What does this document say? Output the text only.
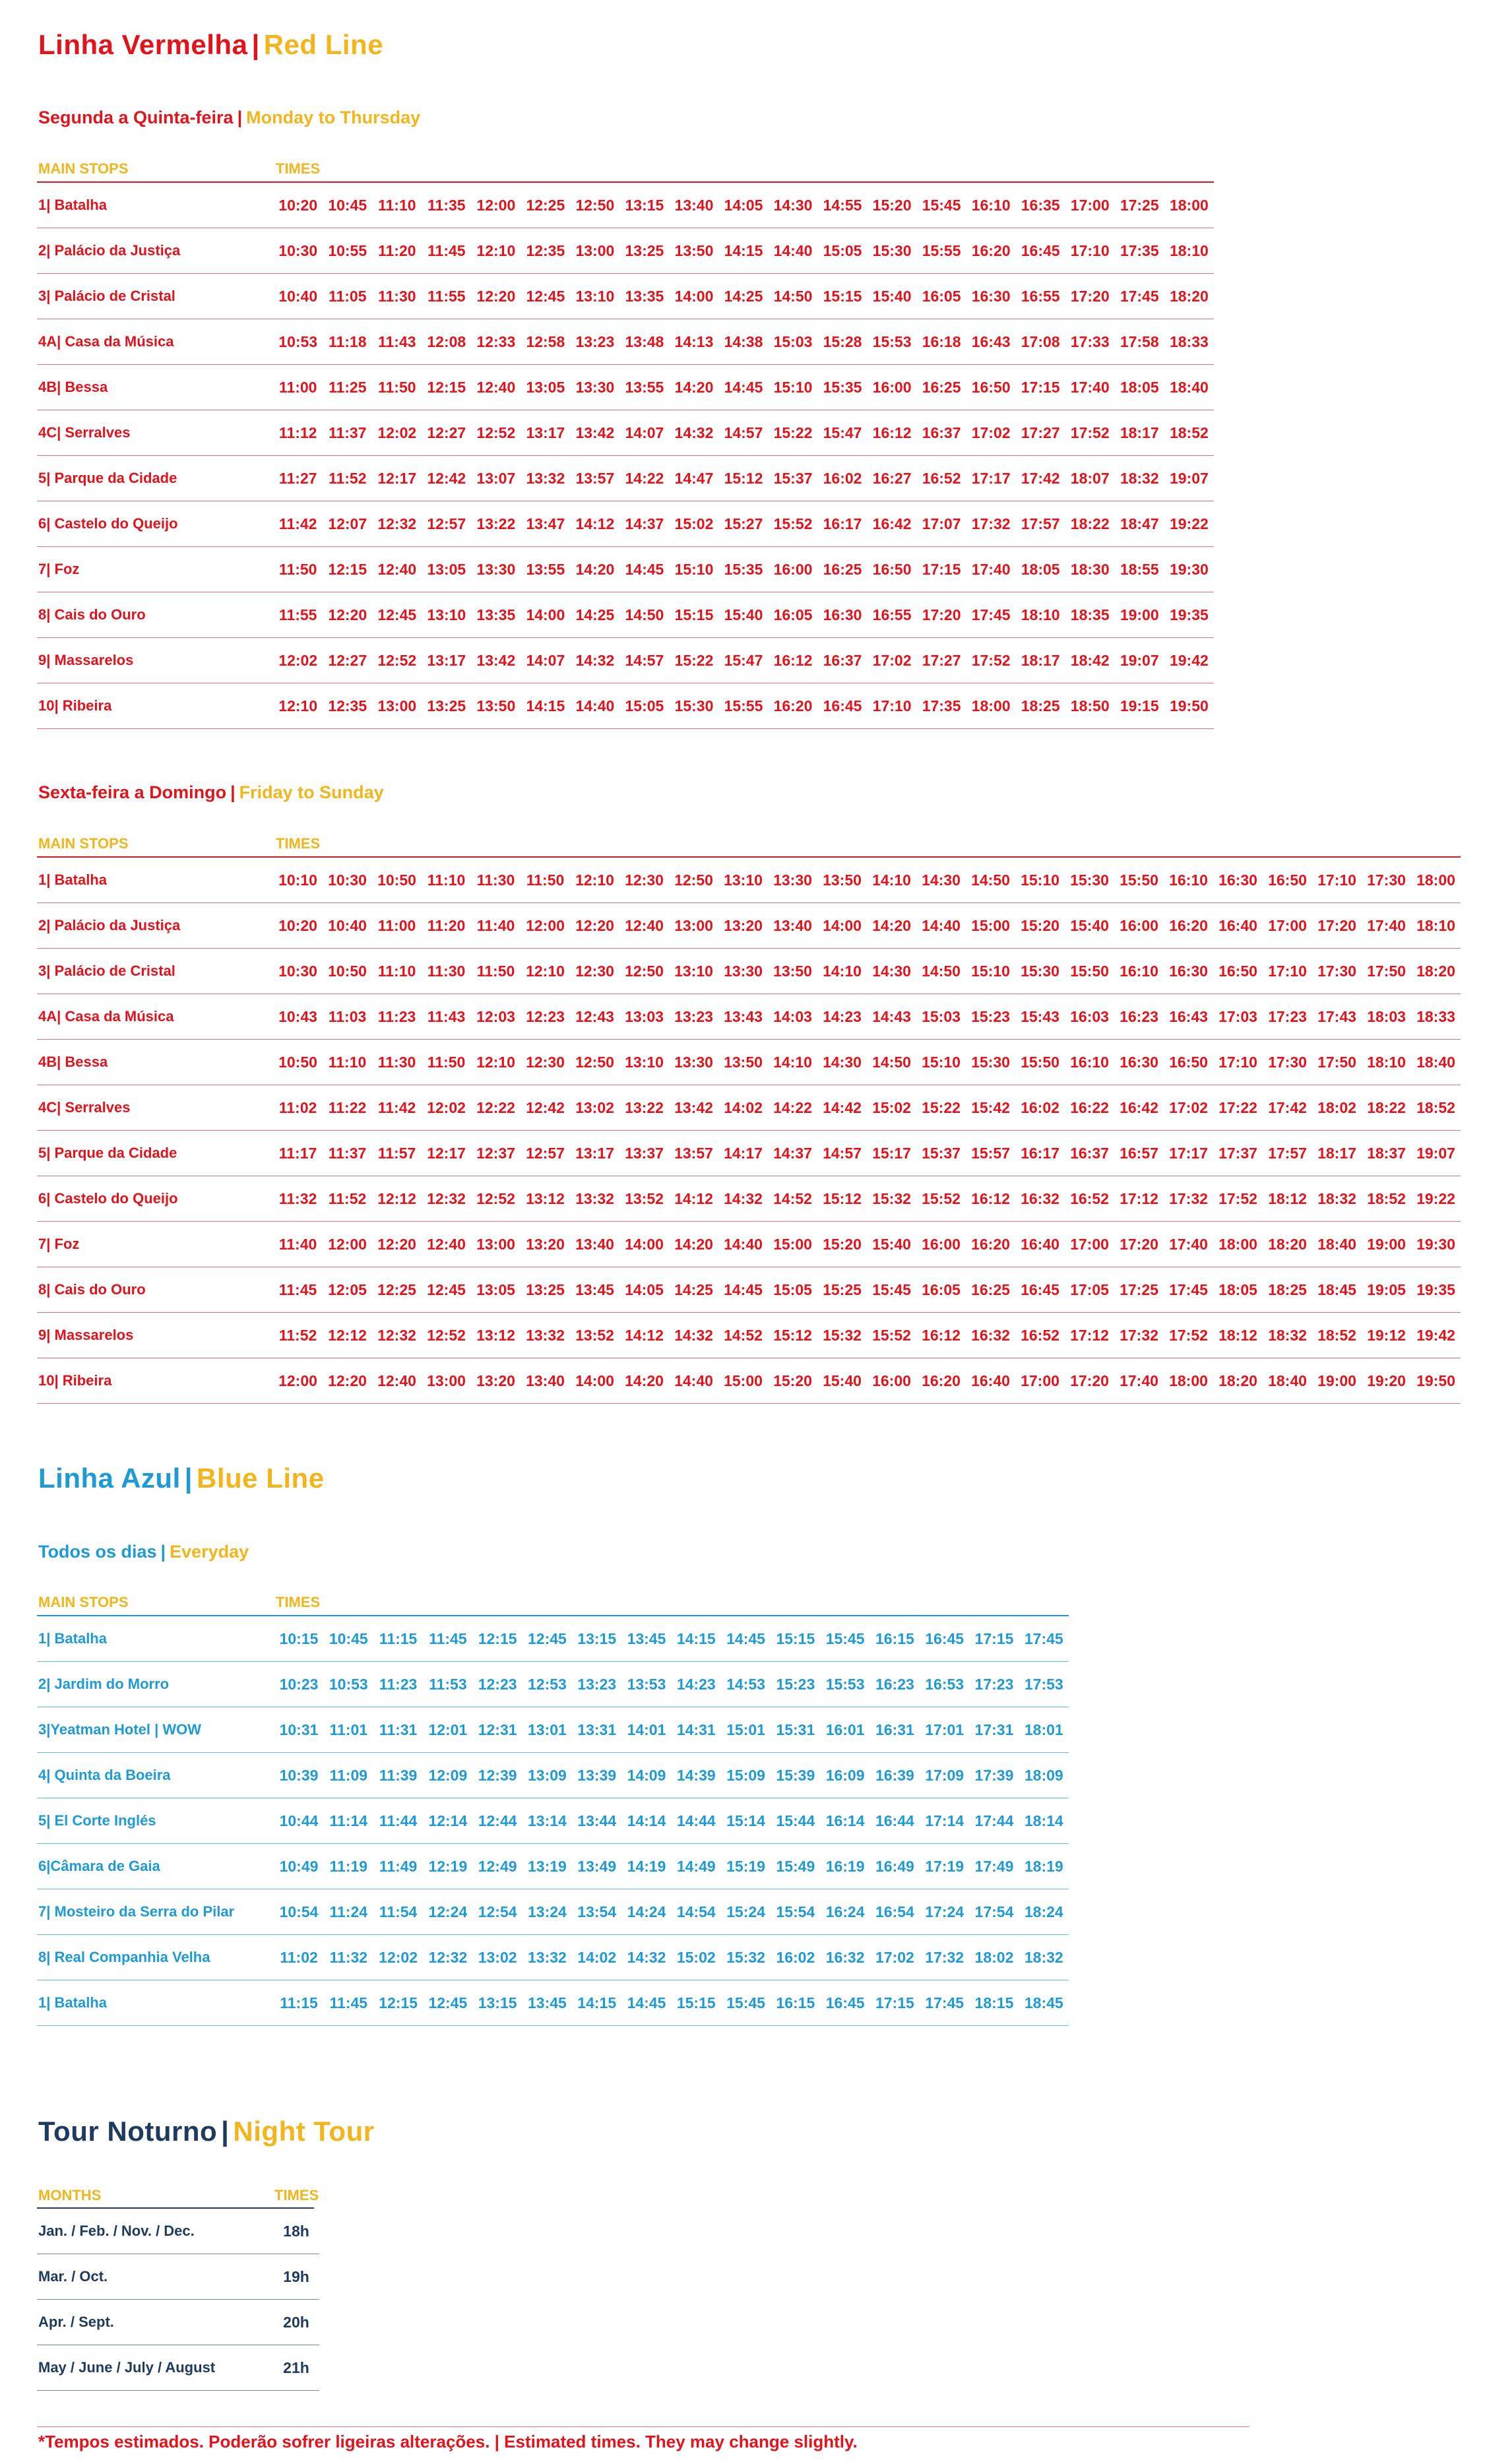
Linha Vermelha | Red Line
Segunda a Quinta-feira | Monday to Thursday
MAIN STOPS	TIMES
1| Batalha	10:20	10:45	11:10	11:35	12:00	12:25	12:50	13:15	13:40	14:05	14:30	14:55	15:20	15:45	16:10	16:35	17:00	17:25	18:00
2| Palácio da Justiça	10:30	10:55	11:20	11:45	12:10	12:35	13:00	13:25	13:50	14:15	14:40	15:05	15:30	15:55	16:20	16:45	17:10	17:35	18:10
3| Palácio de Cristal	10:40	11:05	11:30	11:55	12:20	12:45	13:10	13:35	14:00	14:25	14:50	15:15	15:40	16:05	16:30	16:55	17:20	17:45	18:20
4A| Casa da Música	10:53	11:18	11:43	12:08	12:33	12:58	13:23	13:48	14:13	14:38	15:03	15:28	15:53	16:18	16:43	17:08	17:33	17:58	18:33
4B| Bessa	11:00	11:25	11:50	12:15	12:40	13:05	13:30	13:55	14:20	14:45	15:10	15:35	16:00	16:25	16:50	17:15	17:40	18:05	18:40
4C| Serralves	11:12	11:37	12:02	12:27	12:52	13:17	13:42	14:07	14:32	14:57	15:22	15:47	16:12	16:37	17:02	17:27	17:52	18:17	18:52
5| Parque da Cidade	11:27	11:52	12:17	12:42	13:07	13:32	13:57	14:22	14:47	15:12	15:37	16:02	16:27	16:52	17:17	17:42	18:07	18:32	19:07
6| Castelo do Queijo	11:42	12:07	12:32	12:57	13:22	13:47	14:12	14:37	15:02	15:27	15:52	16:17	16:42	17:07	17:32	17:57	18:22	18:47	19:22
7| Foz	11:50	12:15	12:40	13:05	13:30	13:55	14:20	14:45	15:10	15:35	16:00	16:25	16:50	17:15	17:40	18:05	18:30	18:55	19:30
8| Cais do Ouro	11:55	12:20	12:45	13:10	13:35	14:00	14:25	14:50	15:15	15:40	16:05	16:30	16:55	17:20	17:45	18:10	18:35	19:00	19:35
9| Massarelos	12:02	12:27	12:52	13:17	13:42	14:07	14:32	14:57	15:22	15:47	16:12	16:37	17:02	17:27	17:52	18:17	18:42	19:07	19:42
10| Ribeira	12:10	12:35	13:00	13:25	13:50	14:15	14:40	15:05	15:30	15:55	16:20	16:45	17:10	17:35	18:00	18:25	18:50	19:15	19:50
Sexta-feira a Domingo | Friday to Sunday
MAIN STOPS	TIMES
1| Batalha	10:10	10:30	10:50	11:10	11:30	11:50	12:10	12:30	12:50	13:10	13:30	13:50	14:10	14:30	14:50	15:10	15:30	15:50	16:10	16:30	16:50	17:10	17:30	18:00
2| Palácio da Justiça	10:20	10:40	11:00	11:20	11:40	12:00	12:20	12:40	13:00	13:20	13:40	14:00	14:20	14:40	15:00	15:20	15:40	16:00	16:20	16:40	17:00	17:20	17:40	18:10
3| Palácio de Cristal	10:30	10:50	11:10	11:30	11:50	12:10	12:30	12:50	13:10	13:30	13:50	14:10	14:30	14:50	15:10	15:30	15:50	16:10	16:30	16:50	17:10	17:30	17:50	18:20
4A| Casa da Música	10:43	11:03	11:23	11:43	12:03	12:23	12:43	13:03	13:23	13:43	14:03	14:23	14:43	15:03	15:23	15:43	16:03	16:23	16:43	17:03	17:23	17:43	18:03	18:33
4B| Bessa	10:50	11:10	11:30	11:50	12:10	12:30	12:50	13:10	13:30	13:50	14:10	14:30	14:50	15:10	15:30	15:50	16:10	16:30	16:50	17:10	17:30	17:50	18:10	18:40
4C| Serralves	11:02	11:22	11:42	12:02	12:22	12:42	13:02	13:22	13:42	14:02	14:22	14:42	15:02	15:22	15:42	16:02	16:22	16:42	17:02	17:22	17:42	18:02	18:22	18:52
5| Parque da Cidade	11:17	11:37	11:57	12:17	12:37	12:57	13:17	13:37	13:57	14:17	14:37	14:57	15:17	15:37	15:57	16:17	16:37	16:57	17:17	17:37	17:57	18:17	18:37	19:07
6| Castelo do Queijo	11:32	11:52	12:12	12:32	12:52	13:12	13:32	13:52	14:12	14:32	14:52	15:12	15:32	15:52	16:12	16:32	16:52	17:12	17:32	17:52	18:12	18:32	18:52	19:22
7| Foz	11:40	12:00	12:20	12:40	13:00	13:20	13:40	14:00	14:20	14:40	15:00	15:20	15:40	16:00	16:20	16:40	17:00	17:20	17:40	18:00	18:20	18:40	19:00	19:30
8| Cais do Ouro	11:45	12:05	12:25	12:45	13:05	13:25	13:45	14:05	14:25	14:45	15:05	15:25	15:45	16:05	16:25	16:45	17:05	17:25	17:45	18:05	18:25	18:45	19:05	19:35
9| Massarelos	11:52	12:12	12:32	12:52	13:12	13:32	13:52	14:12	14:32	14:52	15:12	15:32	15:52	16:12	16:32	16:52	17:12	17:32	17:52	18:12	18:32	18:52	19:12	19:42
10| Ribeira	12:00	12:20	12:40	13:00	13:20	13:40	14:00	14:20	14:40	15:00	15:20	15:40	16:00	16:20	16:40	17:00	17:20	17:40	18:00	18:20	18:40	19:00	19:20	19:50
Linha Azul | Blue Line
Todos os dias | Everyday
MAIN STOPS	TIMES
1| Batalha	10:15	10:45	11:15	11:45	12:15	12:45	13:15	13:45	14:15	14:45	15:15	15:45	16:15	16:45	17:15	17:45
2| Jardim do Morro	10:23	10:53	11:23	11:53	12:23	12:53	13:23	13:53	14:23	14:53	15:23	15:53	16:23	16:53	17:23	17:53
3|Yeatman Hotel | WOW	10:31	11:01	11:31	12:01	12:31	13:01	13:31	14:01	14:31	15:01	15:31	16:01	16:31	17:01	17:31	18:01
4| Quinta da Boeira	10:39	11:09	11:39	12:09	12:39	13:09	13:39	14:09	14:39	15:09	15:39	16:09	16:39	17:09	17:39	18:09
5| El Corte Inglés	10:44	11:14	11:44	12:14	12:44	13:14	13:44	14:14	14:44	15:14	15:44	16:14	16:44	17:14	17:44	18:14
6|Câmara de Gaia	10:49	11:19	11:49	12:19	12:49	13:19	13:49	14:19	14:49	15:19	15:49	16:19	16:49	17:19	17:49	18:19
7| Mosteiro da Serra do Pilar	10:54	11:24	11:54	12:24	12:54	13:24	13:54	14:24	14:54	15:24	15:54	16:24	16:54	17:24	17:54	18:24
8| Real Companhia Velha	11:02	11:32	12:02	12:32	13:02	13:32	14:02	14:32	15:02	15:32	16:02	16:32	17:02	17:32	18:02	18:32
1| Batalha	11:15	11:45	12:15	12:45	13:15	13:45	14:15	14:45	15:15	15:45	16:15	16:45	17:15	17:45	18:15	18:45
Tour Noturno | Night Tour
MONTHS	TIMES
Jan. / Feb. / Nov. / Dec.	18h
Mar. / Oct.	19h
Apr. / Sept.	20h
May / June / July / August	21h
*Tempos estimados. Poderão sofrer ligeiras alterações. | Estimated times. They may change slightly.
